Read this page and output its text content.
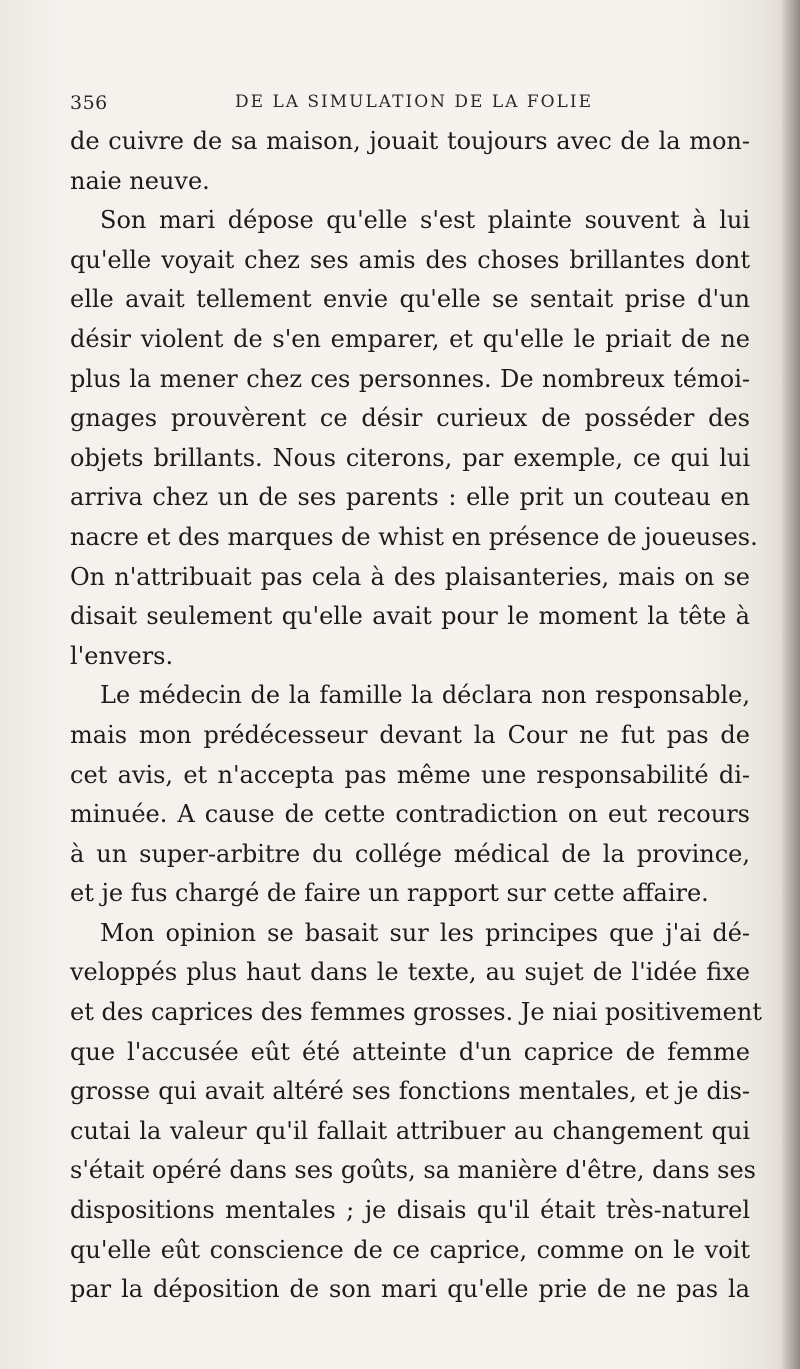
356	DE LA SIMULATION DE LA FOLIE
de cuivre de sa maison, jouait toujours avec de la mon-
naie neuve.
Son mari dépose qu'elle s'est plainte souvent à lui
qu'elle voyait chez ses amis des choses brillantes dont
elle avait tellement envie qu'elle se sentait prise d'un
désir violent de s'en emparer, et qu'elle le priait de ne
plus la mener chez ces personnes. De nombreux témoi-
gnages prouvèrent ce désir curieux de posséder des
objets brillants. Nous citerons, par exemple, ce qui lui
arriva chez un de ses parents : elle prit un couteau en
nacre et des marques de whist en présence de joueuses.
On n'attribuait pas cela à des plaisanteries, mais on se
disait seulement qu'elle avait pour le moment la tête à
l'envers.
Le médecin de la famille la déclara non responsable,
mais mon prédécesseur devant la Cour ne fut pas de
cet avis, et n'accepta pas même une responsabilité di-
minuée. A cause de cette contradiction on eut recours
à un super-arbitre du collége médical de la province,
et je fus chargé de faire un rapport sur cette affaire.
Mon opinion se basait sur les principes que j'ai dé-
veloppés plus haut dans le texte, au sujet de l'idée fixe
et des caprices des femmes grosses. Je niai positivement
que l'accusée eût été atteinte d'un caprice de femme
grosse qui avait altéré ses fonctions mentales, et je dis-
cutai la valeur qu'il fallait attribuer au changement qui
s'était opéré dans ses goûts, sa manière d'être, dans ses
dispositions mentales ; je disais qu'il était très-naturel
qu'elle eût conscience de ce caprice, comme on le voit
par la déposition de son mari qu'elle prie de ne pas la
